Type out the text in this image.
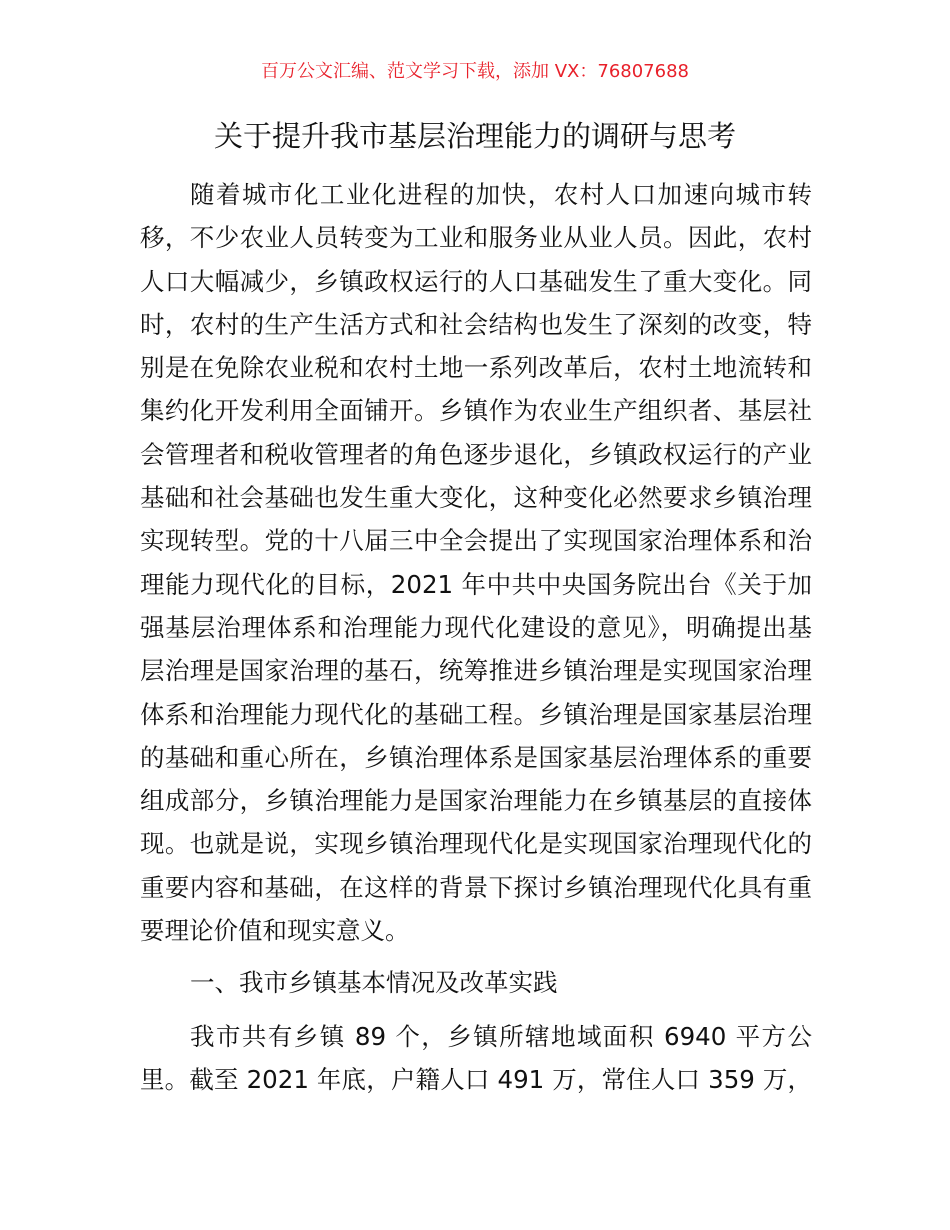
百万公文汇编、范文学习下载，添加 VX：76807688
关于提升我市基层治理能力的调研与思考
随着城市化工业化进程的加快，农村人口加速向城市转
移，不少农业人员转变为工业和服务业从业人员。因此，农村
人口大幅减少，乡镇政权运行的人口基础发生了重大变化。同
时，农村的生产生活方式和社会结构也发生了深刻的改变，特
别是在免除农业税和农村土地一系列改革后，农村土地流转和
集约化开发利用全面铺开。乡镇作为农业生产组织者、基层社
会管理者和税收管理者的角色逐步退化，乡镇政权运行的产业
基础和社会基础也发生重大变化，这种变化必然要求乡镇治理
实现转型。党的十八届三中全会提出了实现国家治理体系和治
理能力现代化的目标，2021 年中共中央国务院出台《关于加
强基层治理体系和治理能力现代化建设的意见》，明确提出基
层治理是国家治理的基石，统筹推进乡镇治理是实现国家治理
体系和治理能力现代化的基础工程。乡镇治理是国家基层治理
的基础和重心所在，乡镇治理体系是国家基层治理体系的重要
组成部分，乡镇治理能力是国家治理能力在乡镇基层的直接体
现。也就是说，实现乡镇治理现代化是实现国家治理现代化的
重要内容和基础，在这样的背景下探讨乡镇治理现代化具有重
要理论价值和现实意义。
一、我市乡镇基本情况及改革实践
我市共有乡镇 89 个，乡镇所辖地域面积 6940 平方公
里。截至 2021 年底，户籍人口 491 万，常住人口 359 万，
